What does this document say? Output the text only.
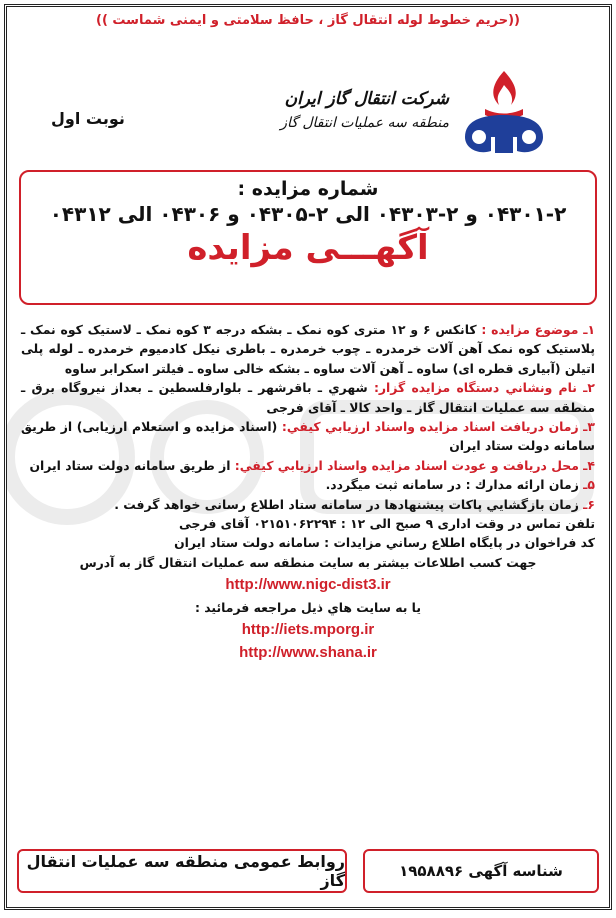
((حریم خطوط لوله انتقال گاز ، حافظ سلامتی و ایمنی شماست ))
شرکت انتقال گاز ایران
منطقه سه عملیات انتقال گاز
نوبت اول
شماره مزایده :
۰۴۳۰۱-۲ و ۲-۰۴۳۰۳ الی ۲-۰۴۳۰۵ و ۰۴۳۰۶ الی ۰۴۳۱۲
آگهـــی مزایده

۱ـ موضوع مزایده : کانکس ۶ و ۱۲ متری کوه نمک ـ بشکه درجه ۳ کوه نمک ـ لاستیک کوه نمک ـ پلاستیک کوه نمک آهن آلات خرمدره ـ چوب خرمدره ـ باطری نیکل کادمیوم خرمدره ـ لوله پلی اتیلن (آبیاری قطره ای) ساوه ـ آهن آلات ساوه ـ بشکه خالی ساوه ـ فیلتر اسکرابر ساوه

۲ـ نام ونشاني دستگاه مزایده گزار: شهري ـ باقرشهر ـ بلوارفلسطین ـ بعداز نیروگاه برق ـ منطقه سه عملیات انتقال گاز ـ واحد کالا ـ آقای فرجی

۳ـ زمان دریافت اسناد مزایده واسناد ارزيابي كيفي: (اسناد مزایده و استعلام ارزیابی) از طريق سامانه دولت ستاد ايران

۴ـ محل دریافت و عودت اسناد مزایده واسناد ارزيابي كيفي: از طریق سامانه دولت ستاد ایران

۵ـ زمان ارائه مدارك : در سامانه ثبت میگردد.

۶ـ زمان بازگشايي پاكات پیشنهادها در سامانه ستاد اطلاع رسانی خواهد گرفت .

تلفن تماس در وقت اداری ۹ صبح الی ۱۲ : ۰۲۱۵۱۰۶۲۲۹۴ آقای فرجی

كد فراخوان در پايگاه اطلاع رساني مزایدات : سامانه دولت ستاد ایران

جهت کسب اطلاعات بیشتر به سایت منطقه سه عملیات انتقال گاز به آدرس

http://www.nigc-dist3.ir

یا به سایت هاي ذیل مراجعه فرمائید :

http://iets.mporg.ir
http://www.shana.ir
روابط عمومی منطقه سه عملیات انتقال گاز	شناسه آگهی ۱۹۵۸۸۹۶
